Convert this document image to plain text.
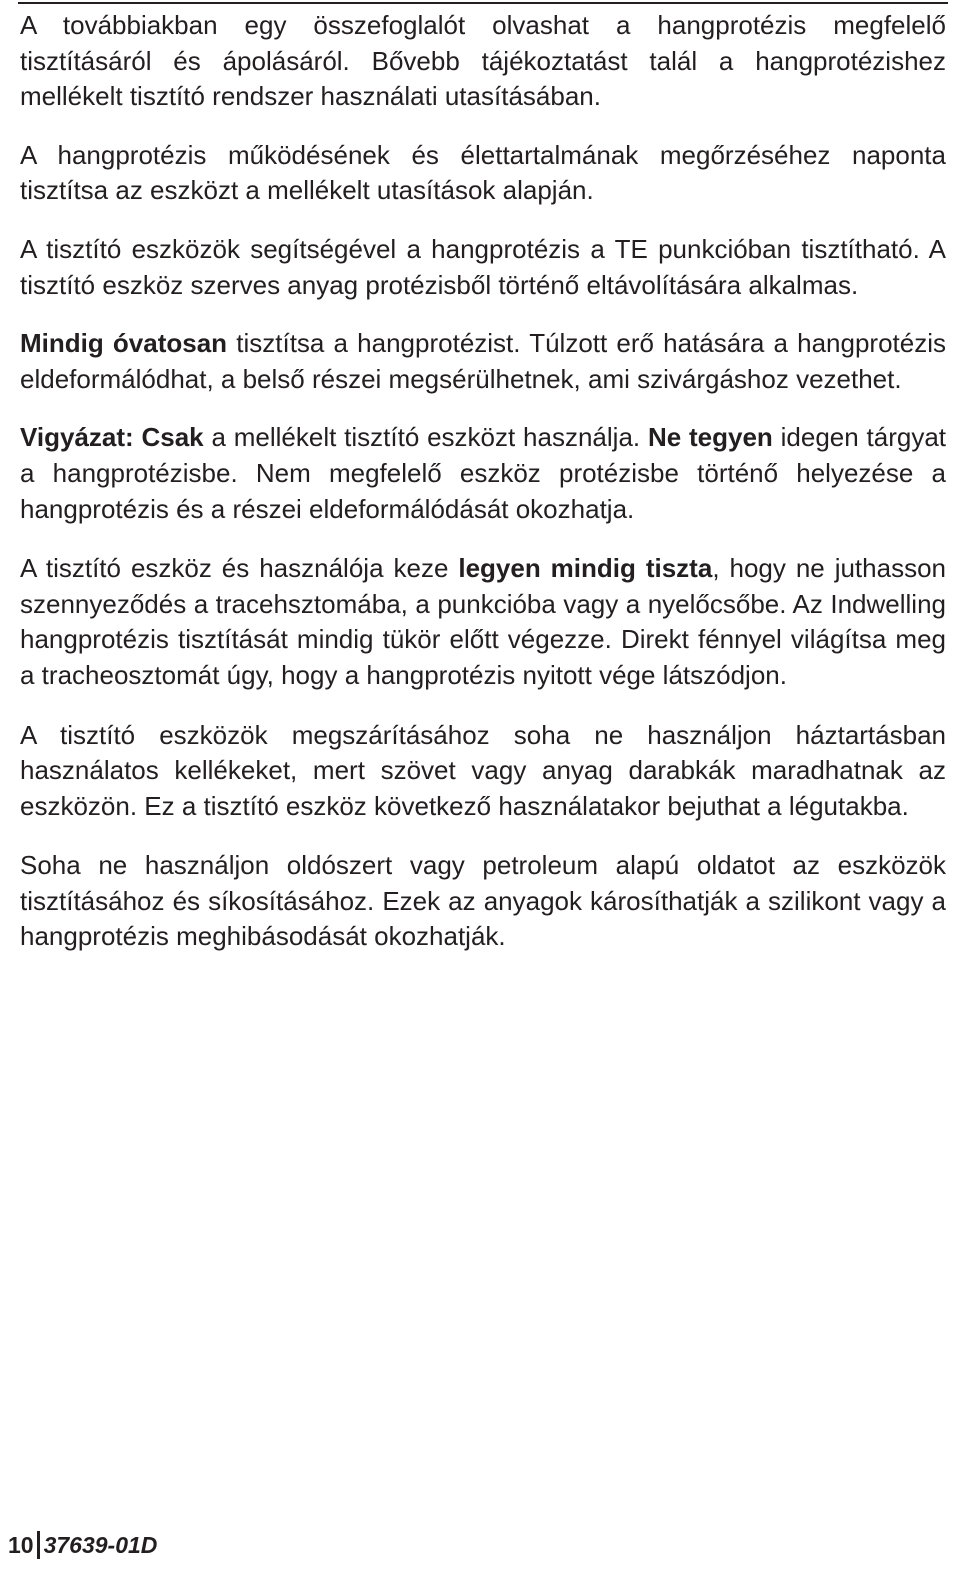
A továbbiakban egy összefoglalót olvashat a hangprotézis megfelelő tisztításáról és ápolásáról. Bővebb tájékoztatást talál a hangprotézishez mellékelt tisztító rendszer használati utasításában.

A hangprotézis működésének és élettartalmának megőrzéséhez naponta tisztítsa az eszközt a mellékelt utasítások alapján.

A tisztító eszközök segítségével a hangprotézis a TE punkcióban tisztítható. A tisztító eszköz szerves anyag protézisből történő eltávolítására alkalmas.

Mindig óvatosan tisztítsa a hangprotézist. Túlzott erő hatására a hangprotézis eldeformálódhat, a belső részei megsérülhetnek, ami szivárgáshoz vezethet.

Vigyázat: Csak a mellékelt tisztító eszközt használja. Ne tegyen idegen tárgyat a hangprotézisbe. Nem megfelelő eszköz protézisbe történő helyezése a hangprotézis és a részei eldeformálódását okozhatja.

A tisztító eszköz és használója keze legyen mindig tiszta, hogy ne juthasson szennyeződés a tracehsztomába, a punkcióba vagy a nyelőcsőbe. Az Indwelling hangprotézis tisztítását mindig tükör előtt végezze. Direkt fénnyel világítsa meg a tracheosztomát úgy, hogy a hangprotézis nyitott vége látszódjon.

A tisztító eszközök megszárításához soha ne használjon háztartásban használatos kellékeket, mert szövet vagy anyag darabkák maradhatnak az eszközön. Ez a tisztító eszköz következő használatakor bejuthat a légutakba.

Soha ne használjon oldószert vagy petroleum alapú oldatot az eszközök tisztításához és síkosításához. Ezek az anyagok károsíthatják a szilikont vagy a hangprotézis meghibásodását okozhatják.

10 37639-01D
